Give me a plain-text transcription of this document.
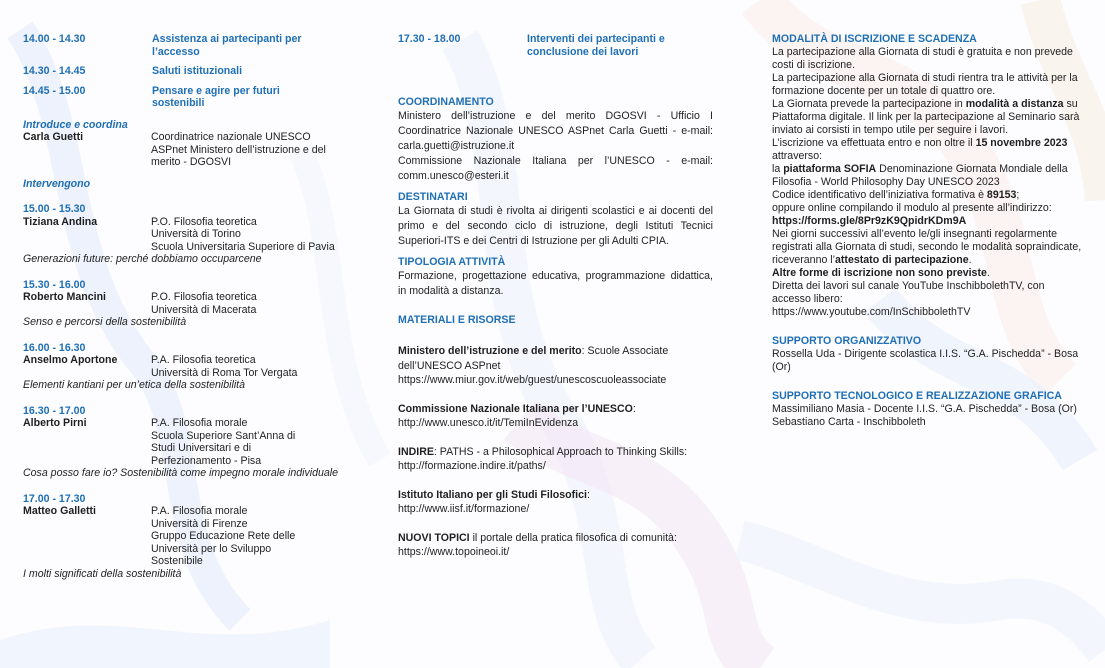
14.00 - 14.30	Assistenza ai partecipanti per l’accesso
14.30 - 14.45	Saluti istituzionali
14.45 - 15.00	Pensare e agire per futuri sostenibili
Introduce e coordina
Carla Guetti	Coordinatrice nazionale UNESCO ASPnet Ministero dell’istruzione e del merito - DGOSVI
Intervengono
15.00 - 15.30
Tiziana Andina	P.O. Filosofia teoretica
Università di Torino
Scuola Universitaria Superiore di Pavia
Generazioni future: perché dobbiamo occuparcene
15.30 - 16.00
Roberto Mancini	P.O. Filosofia teoretica
Università di Macerata
Senso e percorsi della sostenibilità
16.00 - 16.30
Anselmo Aportone	P.A. Filosofia teoretica
Università di Roma Tor Vergata
Elementi kantiani per un’etica della sostenibilità
16.30 - 17.00
Alberto Pirni	P.A. Filosofia morale
Scuola Superiore Sant’Anna di Studi Universitari e di Perfezionamento - Pisa
Cosa posso fare io? Sostenibilità come impegno morale individuale
17.00 - 17.30
Matteo Galletti	P.A. Filosofia morale
Università di Firenze
Gruppo Educazione Rete delle Università per lo Sviluppo Sostenibile
I molti significati della sostenibilità
17.30 - 18.00	Interventi dei partecipanti e conclusione dei lavori
COORDINAMENTO
Ministero dell’istruzione e del merito DGOSVI - Ufficio I Coordinatrice Nazionale UNESCO ASPnet Carla Guetti - e-mail: carla.guetti@istruzione.it
Commissione Nazionale Italiana per l’UNESCO - e-mail: comm.unesco@esteri.it
DESTINATARI
La Giornata di studi è rivolta ai dirigenti scolastici e ai docenti del primo e del secondo ciclo di istruzione, degli Istituti Tecnici Superiori-ITS e dei Centri di Istruzione per gli Adulti CPIA.
TIPOLOGIA ATTIVITÀ
Formazione, progettazione educativa, programmazione didattica, in modalità a distanza.
MATERIALI E RISORSE
Ministero dell’istruzione e del merito: Scuole Associate dell’UNESCO ASPnet
https://www.miur.gov.it/web/guest/unescoscuoleassociate
Commissione Nazionale Italiana per l’UNESCO:
http://www.unesco.it/it/TemiInEvidenza
INDIRE: PATHS - a Philosophical Approach to Thinking Skills: http://formazione.indire.it/paths/
Istituto Italiano per gli Studi Filosofici:
http://www.iisf.it/formazione/
NUOVI TOPICI il portale della pratica filosofica di comunità: https://www.topoineoi.it/
MODALITÀ DI ISCRIZIONE E SCADENZA
La partecipazione alla Giornata di studi è gratuita e non prevede costi di iscrizione.
La partecipazione alla Giornata di studi rientra tra le attività per la formazione docente per un totale di quattro ore.
La Giornata prevede la partecipazione in modalità a distanza su Piattaforma digitale. Il link per la partecipazione al Seminario sarà inviato ai corsisti in tempo utile per seguire i lavori.
L’iscrizione va effettuata entro e non oltre il 15 novembre 2023 attraverso:
la piattaforma SOFIA Denominazione Giornata Mondiale della Filosofia - World Philosophy Day UNESCO 2023
Codice identificativo dell’iniziativa formativa è 89153;
oppure online compilando il modulo al presente all’indirizzo:
https://forms.gle/8Pr9zK9QpidrKDm9A
Nei giorni successivi all’evento le/gli insegnanti regolarmente registrati alla Giornata di studi, secondo le modalità sopraindicate, riceveranno l’attestato di partecipazione.
Altre forme di iscrizione non sono previste.
Diretta dei lavori sul canale YouTube InschibbolethTV, con accesso libero:
https://www.youtube.com/InSchibbolethTV
SUPPORTO ORGANIZZATIVO
Rossella Uda - Dirigente scolastica I.I.S. “G.A. Pischedda” - Bosa (Or)
SUPPORTO TECNOLOGICO E REALIZZAZIONE GRAFICA
Massimiliano Masia - Docente I.I.S. “G.A. Pischedda” - Bosa (Or)
Sebastiano Carta - Inschibboleth
